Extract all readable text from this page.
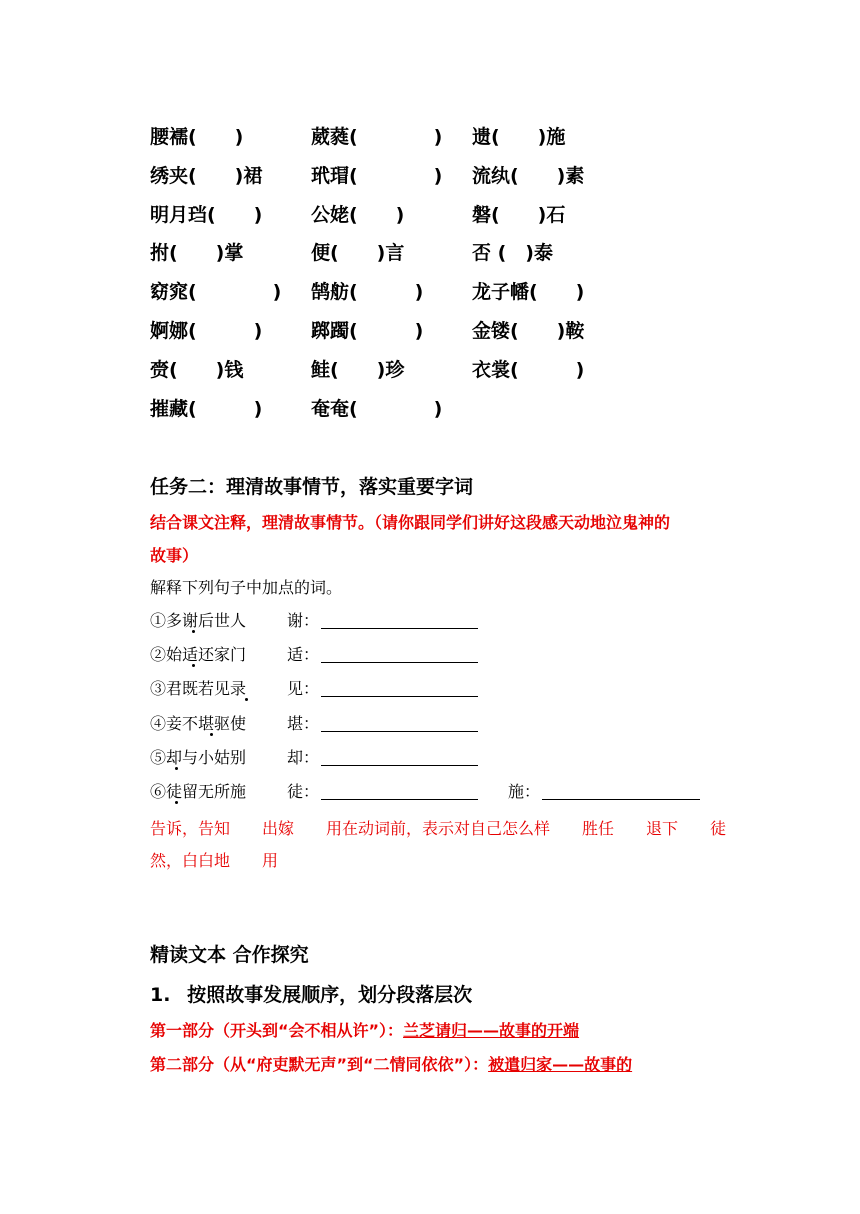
腰襦(　　)	葳蕤(　　　　) 遗(　　)施
绣夹(　　)裙	玳瑁(　　　　) 流纨(　　)素
明月珰(　　)	公姥(　　)	磐(　　)石
拊(　　)掌	便(　　)言	否 (　)泰
窈窕(　　　　) 鹄舫(　　　)	龙子幡(　　)
婀娜(　　　)	踯躅(　　　)	金镂(　　)鞍
赍(　　)钱	鲑(　　)珍	衣裳(　　　)
摧藏(　　　)	奄奄(　　　　)
任务二：理清故事情节，落实重要字词
结合课文注释，理清故事情节。（请你跟同学们讲好这段感天动地泣鬼神的
故事）
解释下列句子中加点的词。
①多谢后世人	谢：
②始适还家门	适：
③君既若见录	见：
④妾不堪驱使	堪：
⑤却与小姑别	却：
⑥徒留无所施	徒：	施：
告诉，告知　　出嫁　　用在动词前，表示对自己怎么样　　胜任　　退下　　徒
然，白白地　　用
精读文本 合作探究
1. 按照故事发展顺序，划分段落层次
第一部分（开头到“会不相从许”）：兰芝请归——故事的开端
第二部分（从“府吏默无声”到“二情同依依”）：被遣归家——故事的
